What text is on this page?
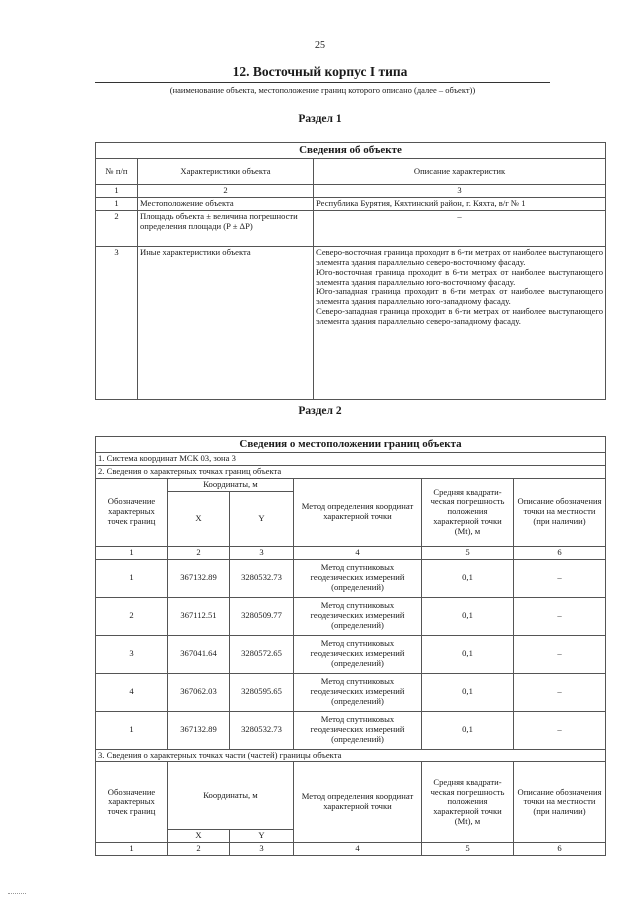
25
12. Восточный корпус I типа
(наименование объекта, местоположение границ которого описано (далее – объект))
Раздел 1
Сведения об объекте		
№ п/п	Характеристики объекта	Описание характеристик
1	2	3
1	Местоположение объекта	Республика Бурятия, Кяхтинский район, г. Кяхта, в/г № 1
2	Площадь объекта ± величина погрешности определения площади (P ± ΔP)	–
3	Иные характеристики объекта	Северо-восточная граница проходит в 6-ти метрах от наиболее выступающего элемента здания параллельно северо-восточному фасаду.

Юго-восточная граница проходит в 6-ти метрах от наиболее выступающего элемента здания параллельно юго-восточному фасаду.

Юго-западная граница проходит в 6-ти метрах от наиболее выступающего элемента здания параллельно юго-западному фасаду.

Северо-западная граница проходит в 6-ти метрах от наиболее выступающего элемента здания параллельно северо-западному фасаду.

Раздел 2
Сведения о местоположении границ объекта					
1. Система координат МСК 03, зона 3					
2. Сведения о характерных точках границ объекта					
Обозначение характерных точек границ	Координаты, м		Метод определения координат характерной точки	Средняя квадрати-ческая погрешность положения характерной точки (Mt), м	Описание обозначения точки на местности (при наличии)
	X	Y			
1	2	3	4	5	6
1	367132.89	3280532.73	Метод спутниковых геодезических измерений (определений)	0,1	–
2	367112.51	3280509.77	Метод спутниковых геодезических измерений (определений)	0,1	–
3	367041.64	3280572.65	Метод спутниковых геодезических измерений (определений)	0,1	–
4	367062.03	3280595.65	Метод спутниковых геодезических измерений (определений)	0,1	–
1	367132.89	3280532.73	Метод спутниковых геодезических измерений (определений)	0,1	–
3. Сведения о характерных точках части (частей) границы объекта					
Обозначение характерных точек границ	Координаты, м		Метод определения координат характерной точки	Средняя квадрати-ческая погрешность положения характерной точки (Mt), м	Описание обозначения точки на местности (при наличии)
	X	Y			
1	2	3	4	5	6
